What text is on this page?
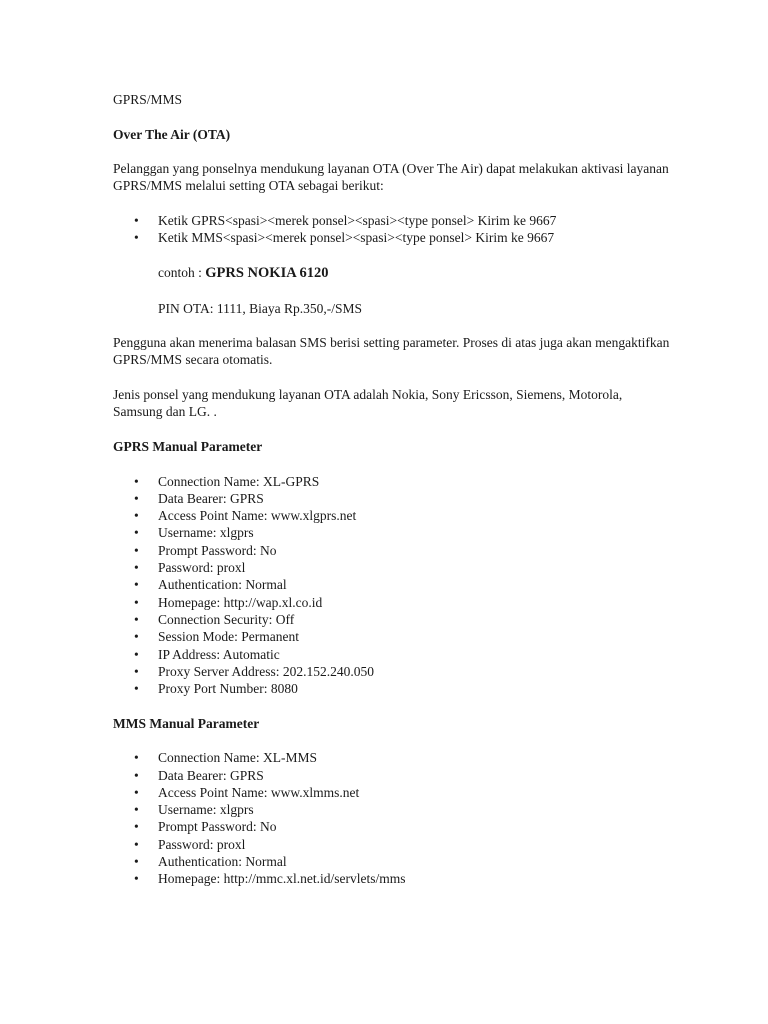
GPRS/MMS

Over The Air (OTA)

Pelanggan yang ponselnya mendukung layanan OTA (Over The Air) dapat melakukan aktivasi layanan GPRS/MMS melalui setting OTA sebagai berikut:

• Ketik GPRS<spasi><merek ponsel><spasi><type ponsel> Kirim ke 9667
• Ketik MMS<spasi><merek ponsel><spasi><type ponsel> Kirim ke 9667

contoh : GPRS NOKIA 6120

PIN OTA: 1111, Biaya Rp.350,-/SMS

Pengguna akan menerima balasan SMS berisi setting parameter. Proses di atas juga akan mengaktifkan GPRS/MMS secara otomatis.

Jenis ponsel yang mendukung layanan OTA adalah Nokia, Sony Ericsson, Siemens, Motorola, Samsung dan LG. .

GPRS Manual Parameter

• Connection Name: XL-GPRS
• Data Bearer: GPRS
• Access Point Name: www.xlgprs.net
• Username: xlgprs
• Prompt Password: No
• Password: proxl
• Authentication: Normal
• Homepage: http://wap.xl.co.id
• Connection Security: Off
• Session Mode: Permanent
• IP Address: Automatic
• Proxy Server Address: 202.152.240.050
• Proxy Port Number: 8080

MMS Manual Parameter

• Connection Name: XL-MMS
• Data Bearer: GPRS
• Access Point Name: www.xlmms.net
• Username: xlgprs
• Prompt Password: No
• Password: proxl
• Authentication: Normal
• Homepage: http://mmc.xl.net.id/servlets/mms
